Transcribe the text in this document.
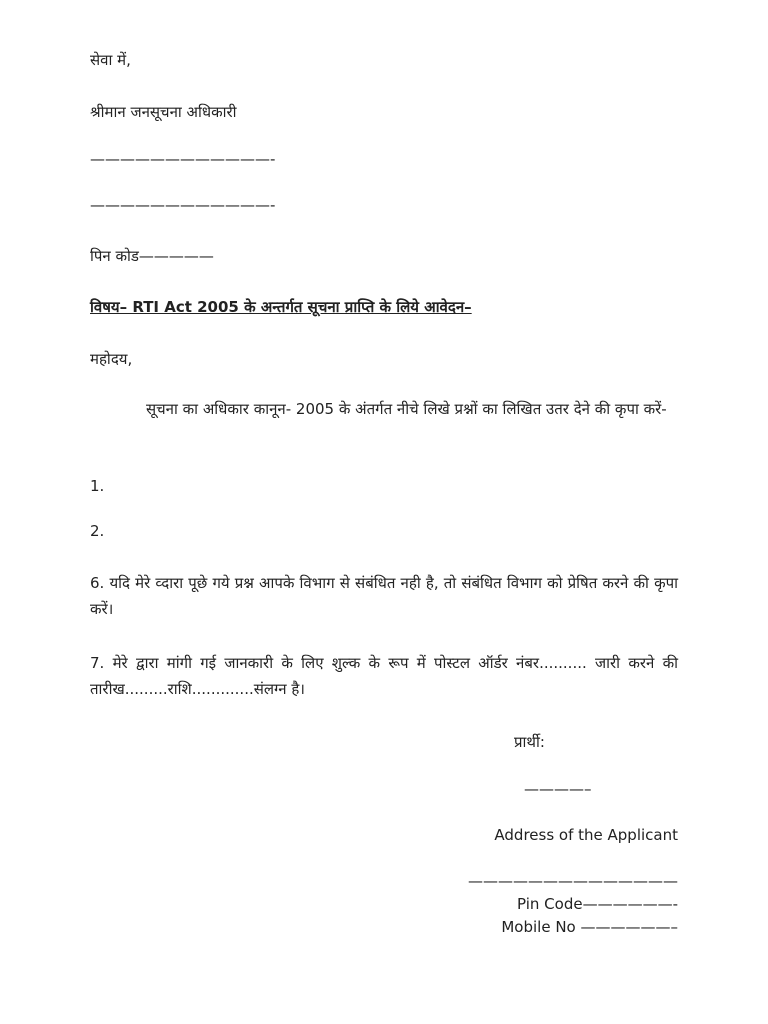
सेवा में,
श्रीमान जनसूचना अधिकारी
————————————-
————————————-
पिन कोड—————
विषय– RTI Act 2005 के अन्तर्गत सूचना प्राप्ति के लिये आवेदन–
महोदय,
सूचना का अधिकार कानून- 2005 के अंतर्गत नीचे लिखे प्रश्नों का लिखित उतर देने की कृपा करें-
1.
2.
6. यदि मेरे व्दारा पूछे गये प्रश्न आपके विभाग से संबंधित नही है, तो संबंधित विभाग को प्रेषित करने की कृपा करें।
7. मेरे द्वारा मांगी गई जानकारी के लिए शुल्क के रूप में पोस्टल ऑर्डर नंबर.......... जारी करने की तारीख.........राशि.............संलग्न है।
प्रार्थी:
————–
Address of the Applicant
——————————————
Pin Code——————-
Mobile No ——————–
